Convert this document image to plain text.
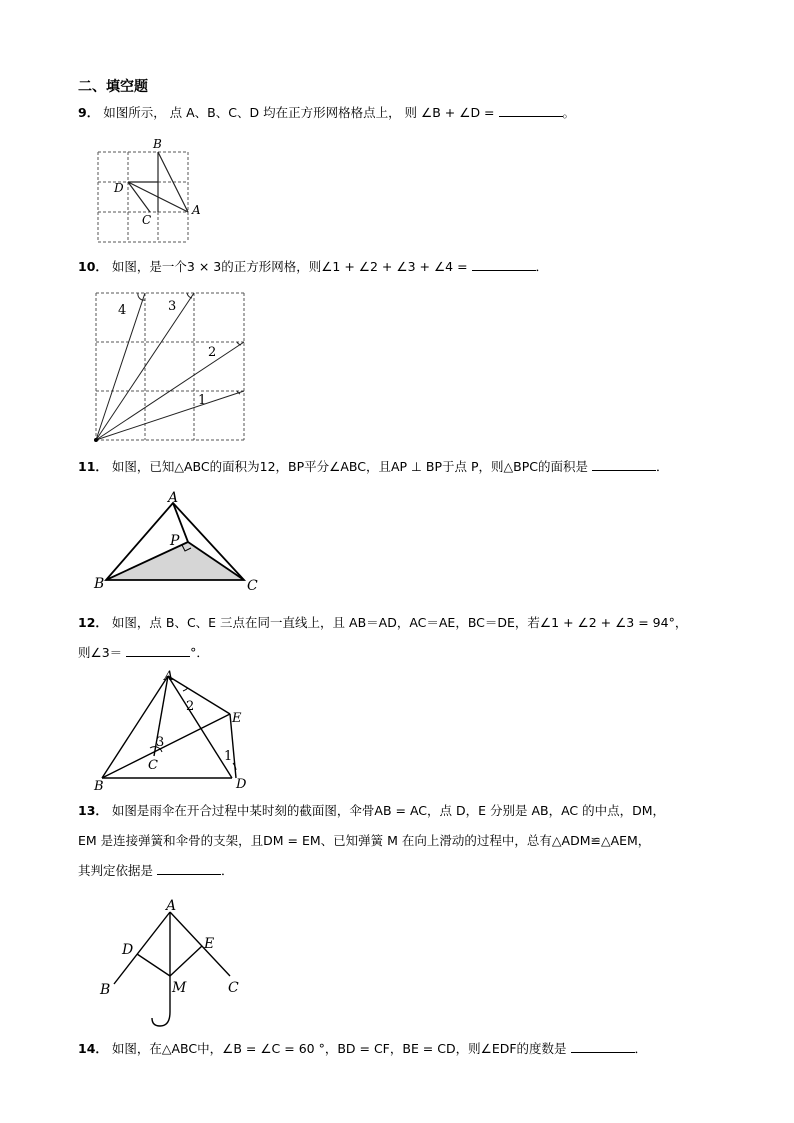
二、填空题
9． 如图所示， 点 A、B、C、D 均在正方形网格格点上， 则 ∠B + ∠D =	。
B
A
C
D
10． 如图，是一个3 × 3的正方形网格，则∠1 + ∠2 + ∠3 + ∠4 =	．
4	3
2
1
11． 如图，已知△ABC的面积为12，BP平分∠ABC，且AP ⊥ BP于点 P，则△BPC的面积是	．
A
B	C
P
12． 如图，点 B、C、E 三点在同一直线上，且 AB＝AD，AC＝AE，BC＝DE，若∠1 + ∠2 + ∠3 = 94°，
则∠3＝	°．
A
B
C
D
E
2
3
1
13． 如图是雨伞在开合过程中某时刻的截面图，伞骨AB = AC，点 D，E 分别是 AB，AC 的中点，DM，
EM 是连接弹簧和伞骨的支架，且DM = EM、已知弹簧 M 在向上滑动的过程中，总有△ADM≌△AEM，
其判定依据是	．
A
D	E
B	C
M
14． 如图，在△ABC中，∠B = ∠C = 60 °，BD = CF，BE = CD，则∠EDF的度数是	．
